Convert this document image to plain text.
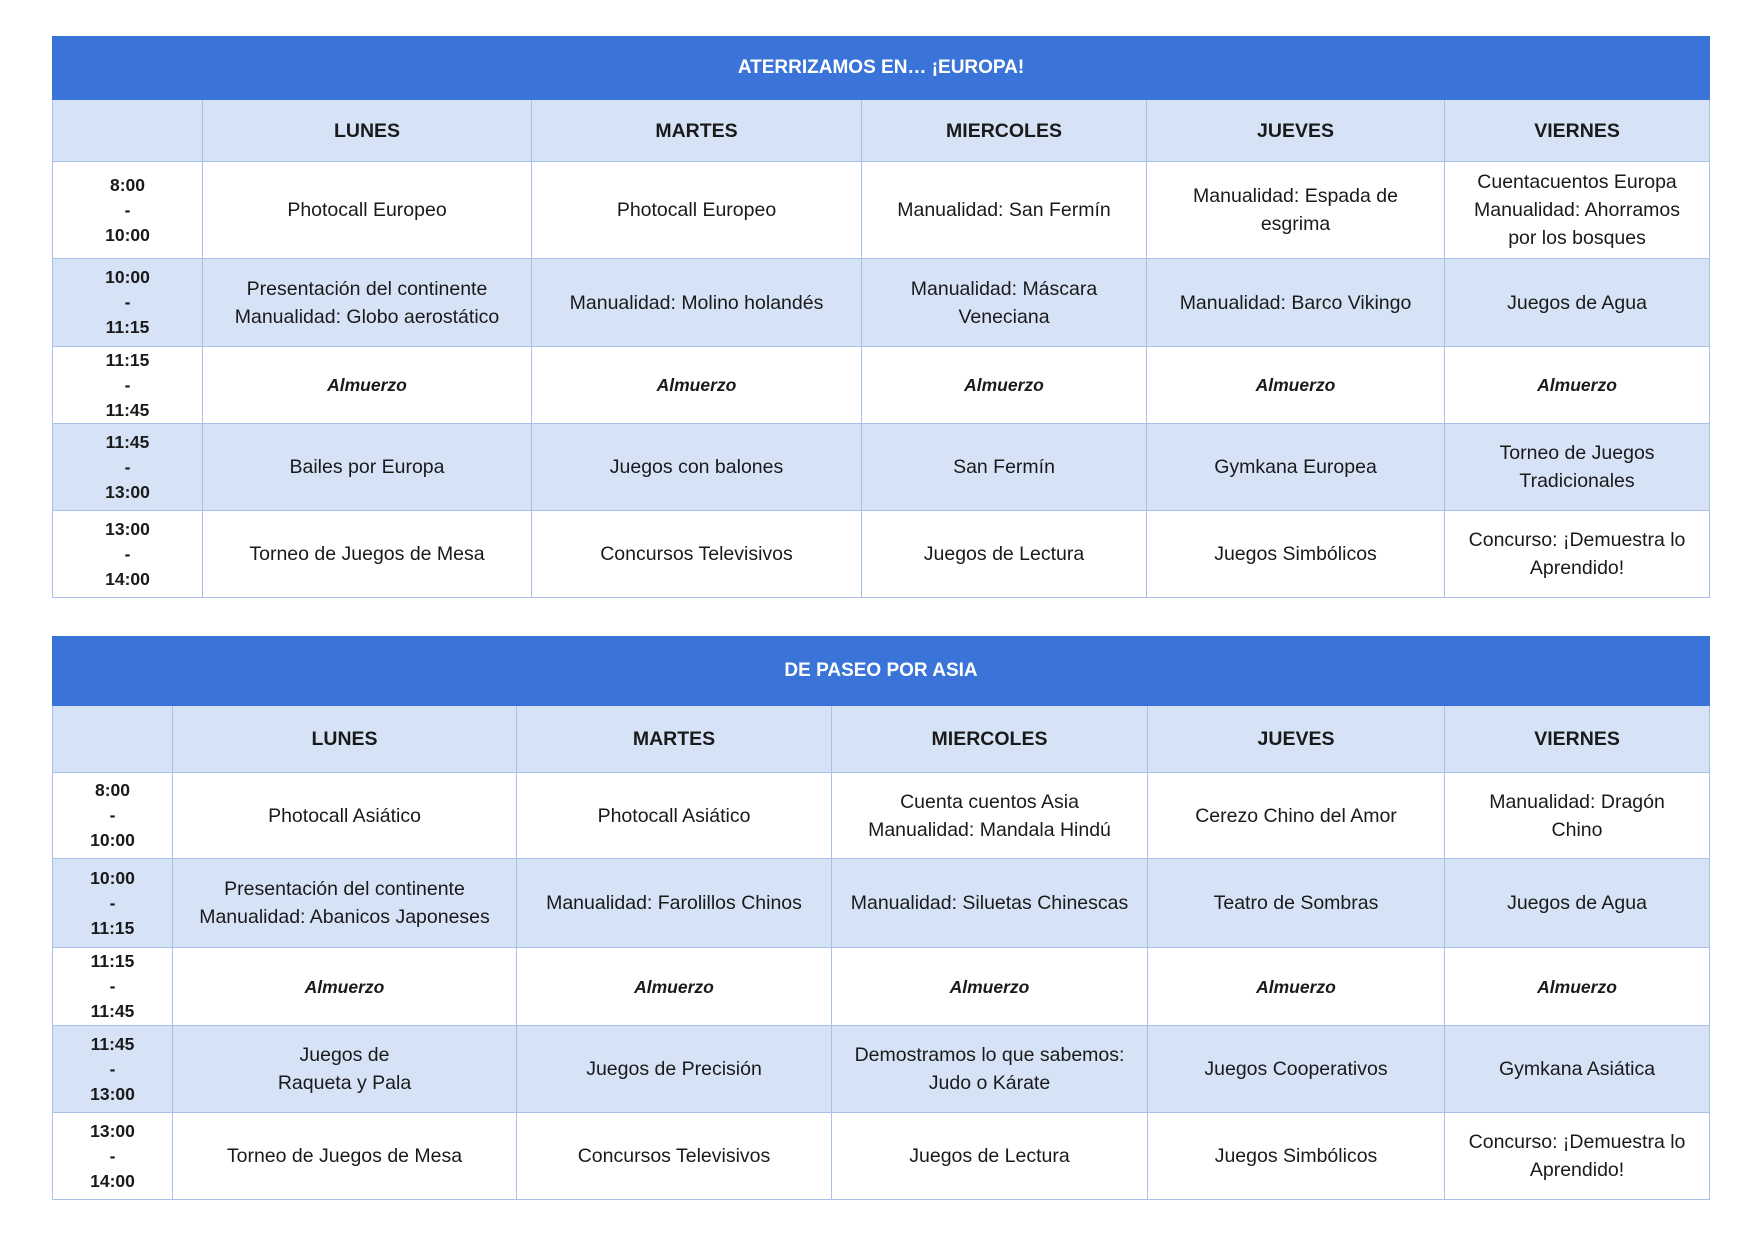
ATERRIZAMOS EN… ¡EUROPA!					
	LUNES	MARTES	MIERCOLES	JUEVES	VIERNES

8:00
-
10:00	Photocall Europeo	Photocall Europeo	Manualidad: San Fermín	Manualidad: Espada de
esgrima	Cuentacuentos Europa
Manualidad: Ahorramos
por los bosques

10:00
-
11:15	Presentación del continente
Manualidad: Globo aerostático	Manualidad: Molino holandés	Manualidad: Máscara
Veneciana	Manualidad: Barco Vikingo	Juegos de Agua

11:15
-
11:45	Almuerzo	Almuerzo	Almuerzo	Almuerzo	Almuerzo

11:45
-
13:00	Bailes por Europa	Juegos con balones	San Fermín	Gymkana Europea	Torneo de Juegos
Tradicionales

13:00
-
14:00	Torneo de Juegos de Mesa	Concursos Televisivos	Juegos de Lectura	Juegos Simbólicos	Concurso: ¡Demuestra lo
Aprendido!
DE PASEO POR ASIA					
	LUNES	MARTES	MIERCOLES	JUEVES	VIERNES

8:00
-
10:00	Photocall Asiático	Photocall Asiático	Cuenta cuentos Asia
Manualidad: Mandala Hindú	Cerezo Chino del Amor	Manualidad: Dragón
Chino

10:00
-
11:15	Presentación del continente
Manualidad: Abanicos Japoneses	Manualidad: Farolillos Chinos	Manualidad: Siluetas Chinescas	Teatro de Sombras	Juegos de Agua

11:15
-
11:45	Almuerzo	Almuerzo	Almuerzo	Almuerzo	Almuerzo

11:45
-
13:00	Juegos de
Raqueta y Pala	Juegos de Precisión	Demostramos lo que sabemos:
Judo o Kárate	Juegos Cooperativos	Gymkana Asiática

13:00
-
14:00	Torneo de Juegos de Mesa	Concursos Televisivos	Juegos de Lectura	Juegos Simbólicos	Concurso: ¡Demuestra lo
Aprendido!
